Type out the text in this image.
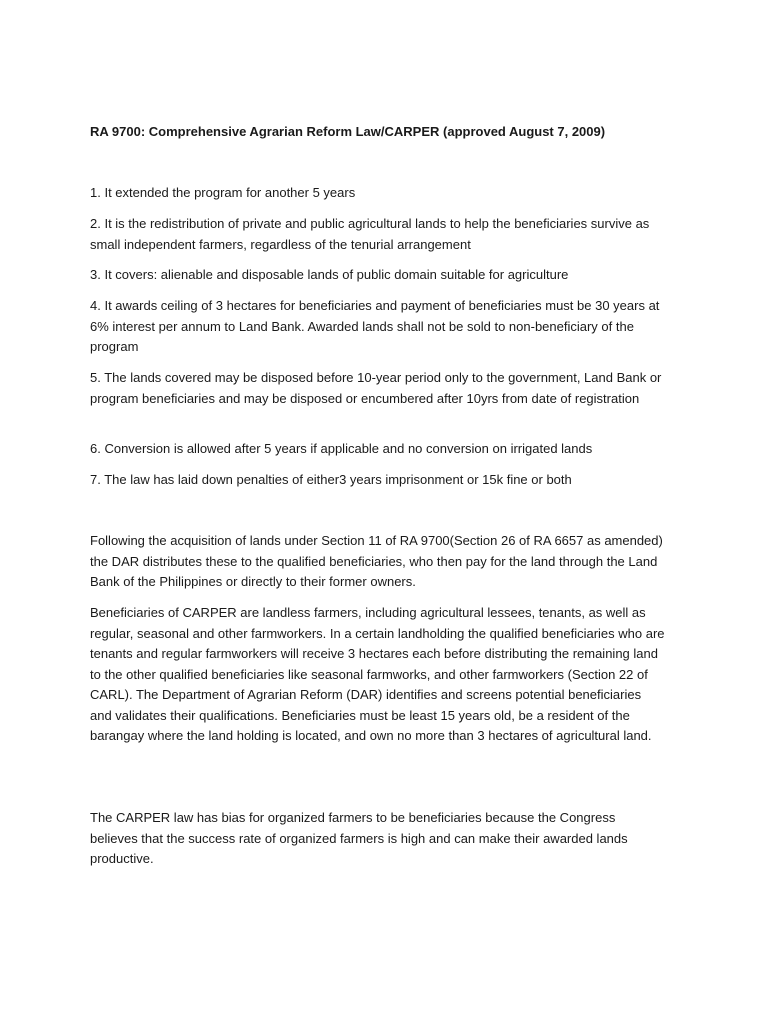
RA 9700: Comprehensive Agrarian Reform Law/CARPER (approved August 7, 2009)

1. It extended the program for another 5 years

2. It is the redistribution of private and public agricultural lands to help the beneficiaries survive as small independent farmers, regardless of the tenurial arrangement

3. It covers: alienable and disposable lands of public domain suitable for agriculture

4. It awards ceiling of 3 hectares for beneficiaries and payment of beneficiaries must be 30 years at 6% interest per annum to Land Bank. Awarded lands shall not be sold to non-beneficiary of the program

5. The lands covered may be disposed before 10-year period only to the government, Land Bank or program beneficiaries and may be disposed or encumbered after 10yrs from date of registration

6. Conversion is allowed after 5 years if applicable and no conversion on irrigated lands

7. The law has laid down penalties of either3 years imprisonment or 15k fine or both

Following the acquisition of lands under Section 11 of RA 9700(Section 26 of RA 6657 as amended) the DAR distributes these to the qualified beneficiaries, who then pay for the land through the Land Bank of the Philippines or directly to their former owners.

Beneficiaries of CARPER are landless farmers, including agricultural lessees, tenants, as well as regular, seasonal and other farmworkers. In a certain landholding the qualified beneficiaries who are tenants and regular farmworkers will receive 3 hectares each before distributing the remaining land to the other qualified beneficiaries like seasonal farmworks, and other farmworkers (Section 22 of CARL). The Department of Agrarian Reform (DAR) identifies and screens potential beneficiaries and validates their qualifications. Beneficiaries must be least 15 years old, be a resident of the barangay where the land holding is located, and own no more than 3 hectares of agricultural land.

The CARPER law has bias for organized farmers to be beneficiaries because the Congress believes that the success rate of organized farmers is high and can make their awarded lands productive.
